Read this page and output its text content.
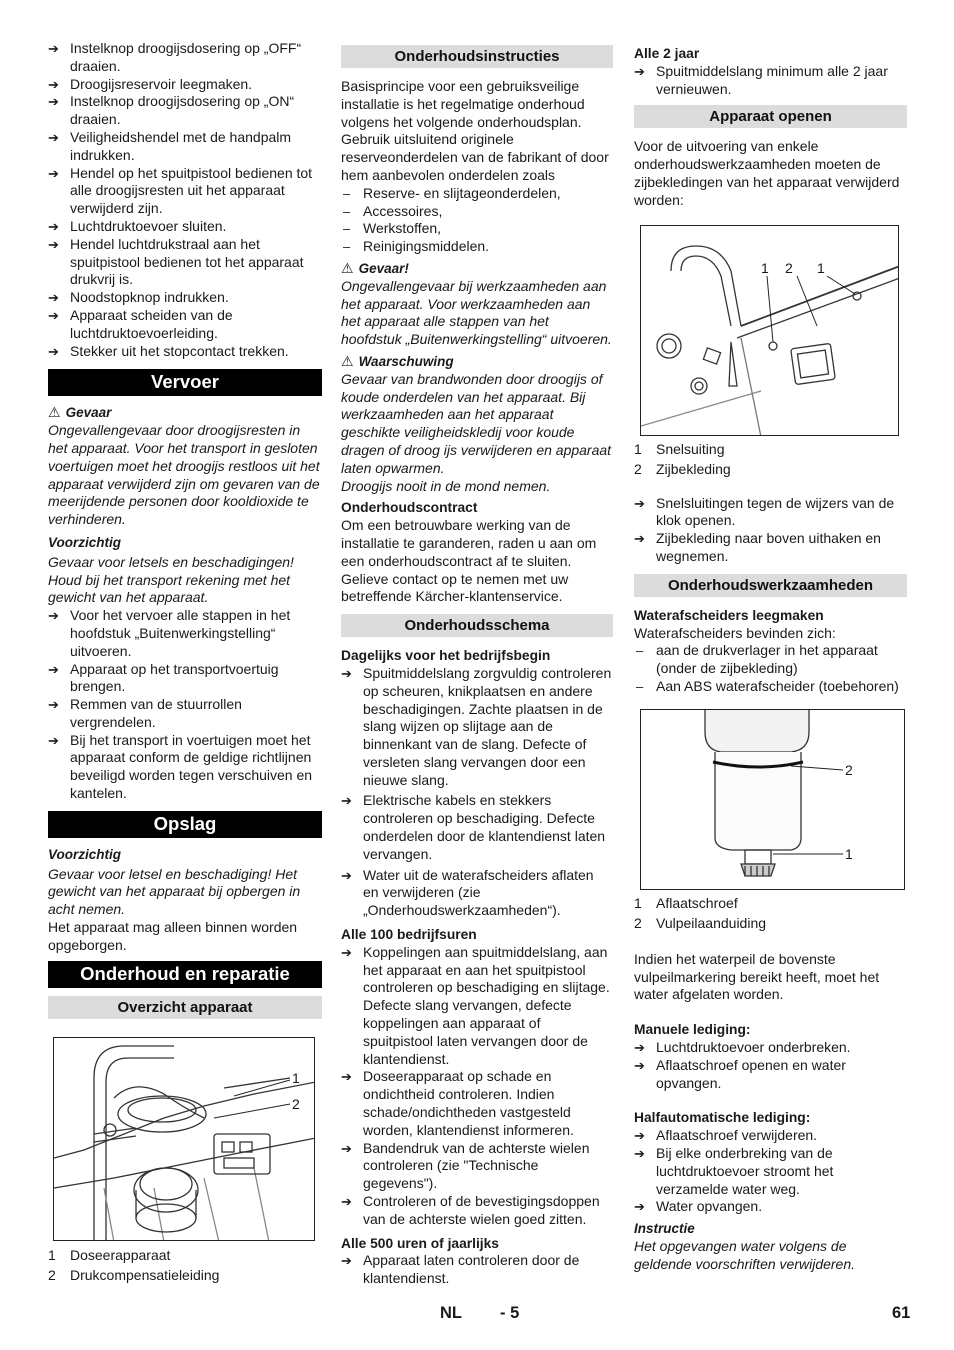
➔ Instelknop droogijsdosering op „OFF“ draaien.
➔ Droogijsreservoir leegmaken.
➔ Instelknop droogijsdosering op „ON“ draaien.
➔ Veiligheidshendel met de handpalm indrukken.
➔ Hendel op het spuitpistool bedienen tot alle droogijsresten uit het apparaat verwijderd zijn.
➔ Luchtdruktoevoer sluiten.
➔ Hendel luchtdrukstraal aan het spuitpistool bedienen tot het apparaat drukvrij is.
➔ Noodstopknop indrukken.
➔ Apparaat scheiden van de luchtdruktoevoerleiding.
➔ Stekker uit het stopcontact trekken.
Vervoer
⚠ Gevaar

Ongevallengevaar door droogijsresten in het apparaat. Voor het transport in gesloten voertuigen moet het droogijs restloos uit het apparaat verwijderd zijn om gevaren van de meerijdende personen door kooldioxide te verhinderen.

Voorzichtig

Gevaar voor letsels en beschadigingen! Houd bij het transport rekening met het gewicht van het apparaat.

➔ Voor het vervoer alle stappen in het hoofdstuk „Buitenwerkingstelling“ uitvoeren.
➔ Apparaat op het transportvoertuig brengen.
➔ Remmen van de stuurrollen vergrendelen.
➔ Bij het transport in voertuigen moet het apparaat conform de geldige richtlijnen beveiligd worden tegen verschuiven en kantelen.
Opslag
Voorzichtig

Gevaar voor letsel en beschadiging! Het gewicht van het apparaat bij opbergen in acht nemen.

Het apparaat mag alleen binnen worden opgeborgen.

Onderhoud en reparatie
Overzicht apparaat
1
2
1 Doseerapparaat
2 Drukcompensatieleiding
Onderhoudsinstructies

Basisprincipe voor een gebruiksveilige installatie is het regelmatige onderhoud volgens het volgende onderhoudsplan. Gebruik uitsluitend originele reserveonderdelen van de fabrikant of door hem aanbevolen onderdelen zoals

– Reserve- en slijtageonderdelen,
– Accessoires,
– Werkstoffen,
– Reinigingsmiddelen.
⚠ Gevaar!

Ongevallengevaar bij werkzaamheden aan het apparaat. Voor werkzaamheden aan het apparaat alle stappen van het hoofdstuk „Buitenwerkingstelling“ uitvoeren.

⚠ Waarschuwing

Gevaar van brandwonden door droogijs of koude onderdelen van het apparaat. Bij werkzaamheden aan het apparaat geschikte veiligheidskledij voor koude dragen of droog ijs verwijderen en apparaat laten opwarmen.

Droogijs nooit in de mond nemen.

Onderhoudscontract

Om een betrouwbare werking van de installatie te garanderen, raden u aan om een onderhoudscontract af te sluiten. Gelieve contact op te nemen met uw betreffende Kärcher-klantenservice.

Onderhoudsschema
Dagelijks voor het bedrijfsbegin
➔ Spuitmiddelslang zorgvuldig controleren op scheuren, knikplaatsen en andere beschadigingen. Zachte plaatsen in de slang wijzen op slijtage aan de binnenkant van de slang. Defecte of versleten slang vervangen door een nieuwe slang.
➔ Elektrische kabels en stekkers controleren op beschadiging. Defecte onderdelen door de klantendienst laten vervangen.
➔ Water uit de waterafscheiders aflaten en verwijderen (zie „Onderhoudswerkzaamheden“).
Alle 100 bedrijfsuren
➔ Koppelingen aan spuitmiddelslang, aan het apparaat en aan het spuitpistool controleren op beschadiging en slijtage. Defecte slang vervangen, defecte koppelingen aan apparaat of spuitpistool laten vervangen door de klantendienst.
➔ Doseerapparaat op schade en ondichtheid controleren. Indien schade/ondichtheden vastgesteld worden, klantendienst informeren.
➔ Bandendruk van de achterste wielen controleren (zie "Technische gegevens").
➔ Controleren of de bevestigingsdoppen van de achterste wielen goed zitten.
Alle 500 uren of jaarlijks
➔ Apparaat laten controleren door de klantendienst.
Alle 2 jaar
➔ Spuitmiddelslang minimum alle 2 jaar vernieuwen.
Apparaat openen

Voor de uitvoering van enkele onderhoudswerkzaamheden moeten de zijbekledingen van het apparaat verwijderd worden:

1 2 1
1 Snelsuiting
2 Zijbekleding
➔ Snelsluitingen tegen de wijzers van de klok openen.
➔ Zijbekleding naar boven uithaken en wegnemen.
Onderhoudswerkzaamheden
Waterafscheiders leegmaken

Waterafscheiders bevinden zich:

– aan de drukverlager in het apparaat (onder de zijbekleding)
– Aan ABS waterafscheider (toebehoren)
2
1
1 Aflaatschroef
2 Vulpeilaanduiding

Indien het waterpeil de bovenste vulpeilmarkering bereikt heeft, moet het water afgelaten worden.

Manuele lediging:
➔ Luchtdruktoevoer onderbreken.
➔ Aflaatschroef openen en water opvangen.
Halfautomatische lediging:
➔ Aflaatschroef verwijderen.
➔ Bij elke onderbreking van de luchtdruktoevoer stroomt het verzamelde water weg.
➔ Water opvangen.
Instructie

Het opgevangen water volgens de geldende voorschriften verwijderen.

NL - 5	61
